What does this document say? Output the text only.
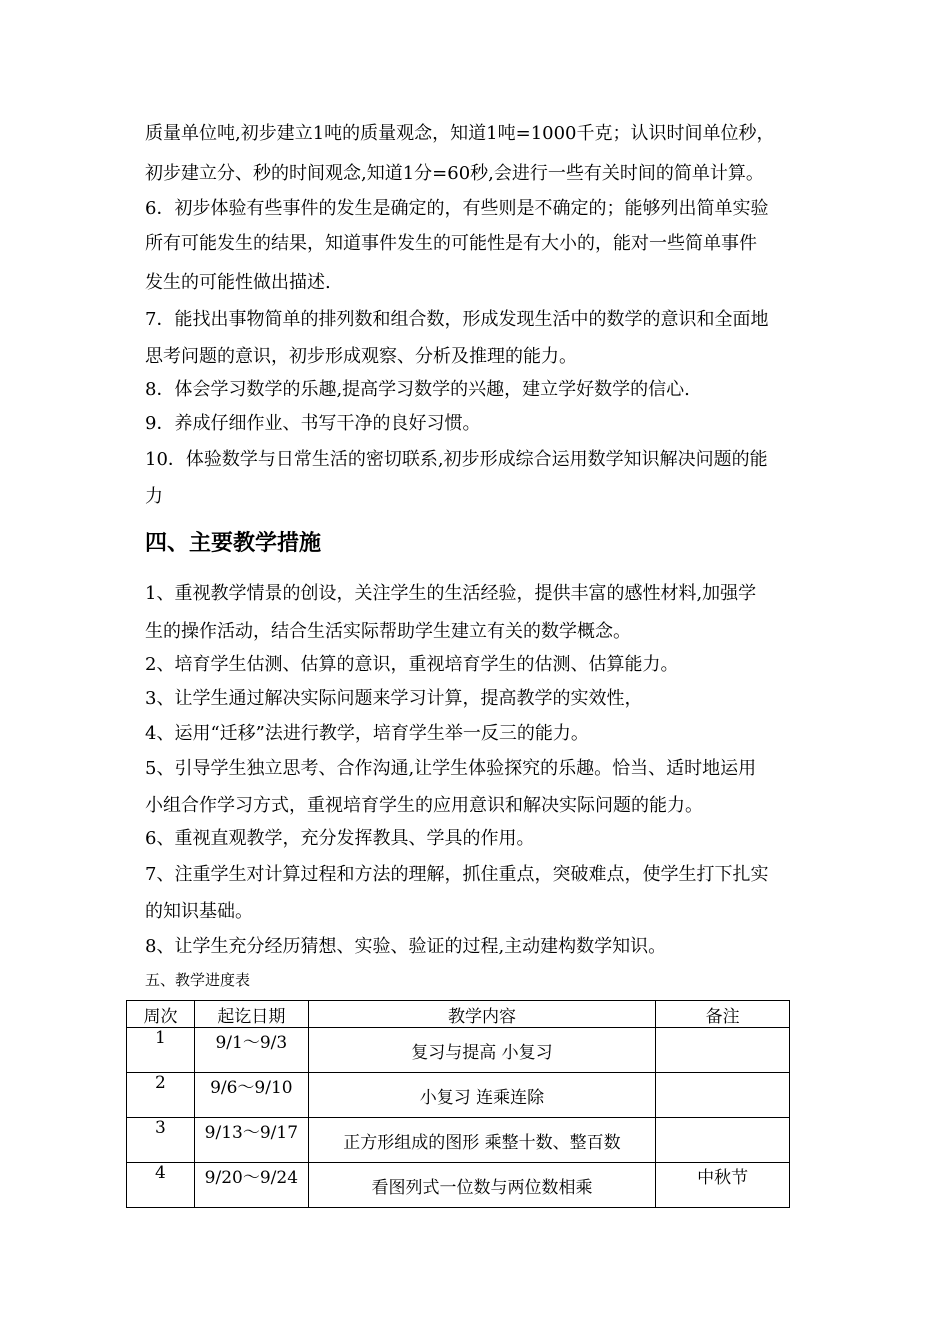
质量单位吨,初步建立1吨的质量观念，知道1吨=1000千克；认识时间单位秒，
初步建立分、秒的时间观念,知道1分=60秒,会进行一些有关时间的简单计算。
6．初步体验有些事件的发生是确定的，有些则是不确定的；能够列出简单实验
所有可能发生的结果，知道事件发生的可能性是有大小的，能对一些简单事件
发生的可能性做出描述.
7．能找出事物简单的排列数和组合数，形成发现生活中的数学的意识和全面地
思考问题的意识，初步形成观察、分析及推理的能力。
8．体会学习数学的乐趣,提高学习数学的兴趣，建立学好数学的信心.
9．养成仔细作业、书写干净的良好习惯。
10．体验数学与日常生活的密切联系,初步形成综合运用数学知识解决问题的能
力
四、主要教学措施
1、重视教学情景的创设，关注学生的生活经验，提供丰富的感性材料,加强学
生的操作活动，结合生活实际帮助学生建立有关的数学概念。
2、培育学生估测、估算的意识，重视培育学生的估测、估算能力。
3、让学生通过解决实际问题来学习计算，提高教学的实效性，
4、运用“迁移”法进行教学，培育学生举一反三的能力。
5、引导学生独立思考、合作沟通,让学生体验探究的乐趣。恰当、适时地运用
小组合作学习方式，重视培育学生的应用意识和解决实际问题的能力。
6、重视直观教学，充分发挥教具、学具的作用。
7、注重学生对计算过程和方法的理解，抓住重点，突破难点，使学生打下扎实
的知识基础。
8、让学生充分经历猜想、实验、验证的过程,主动建构数学知识。
五、教学进度表
周次	起讫日期	教学内容	备注
1	9/1～9/3	复习与提高 小复习	
2	9/6～9/10	小复习 连乘连除	
3	9/13～9/17	正方形组成的图形 乘整十数、整百数	
4	9/20～9/24	看图列式一位数与两位数相乘	中秋节
